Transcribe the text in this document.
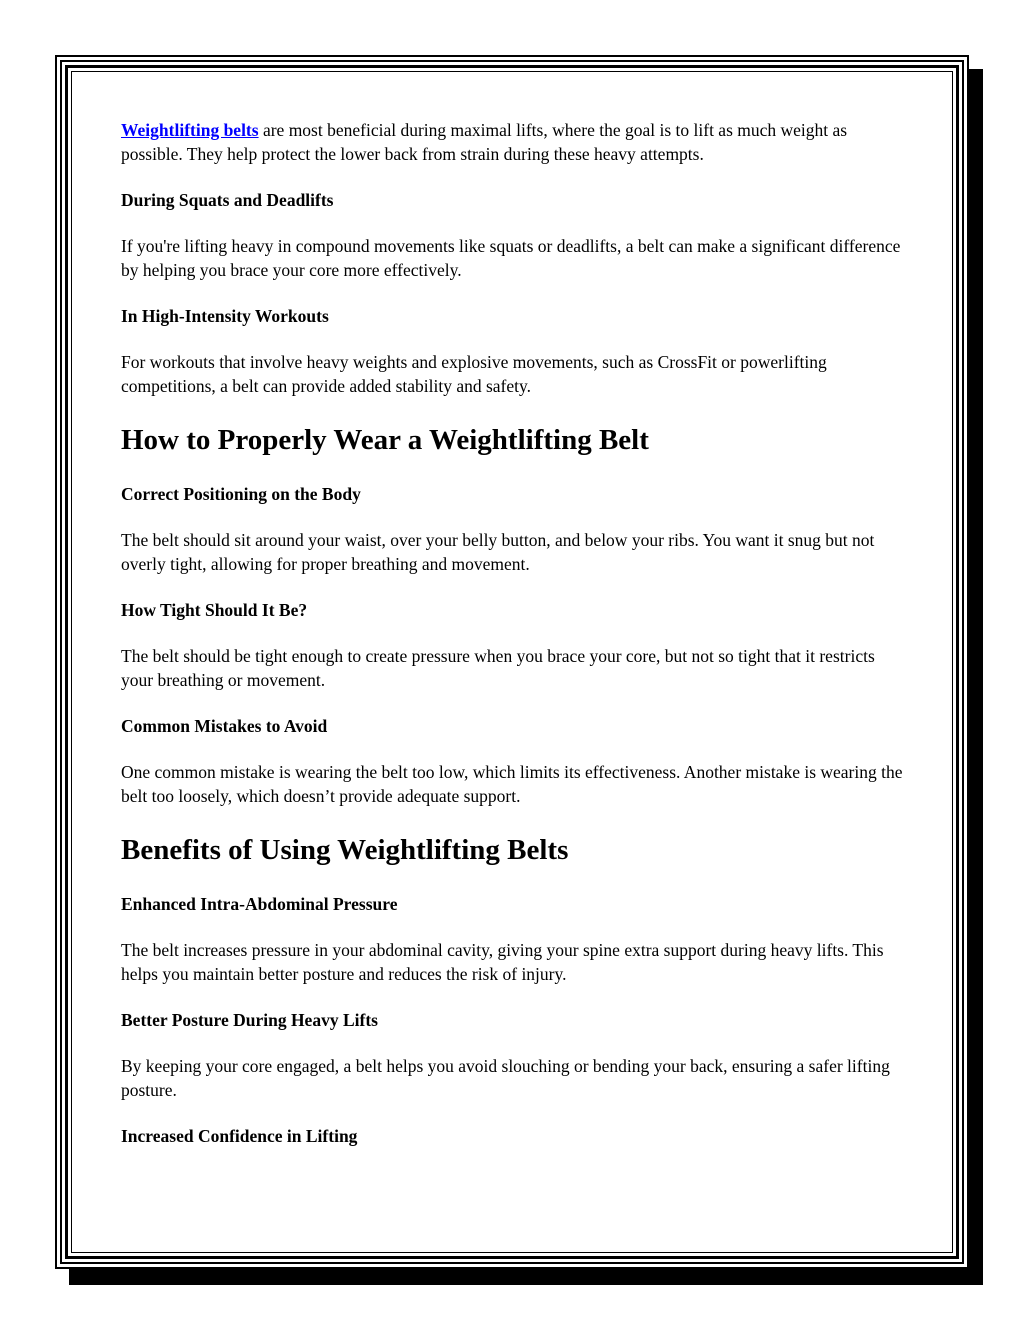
Weightlifting belts are most beneficial during maximal lifts, where the goal is to lift as much weight as possible. They help protect the lower back from strain during these heavy attempts.

During Squats and Deadlifts

If you're lifting heavy in compound movements like squats or deadlifts, a belt can make a significant difference by helping you brace your core more effectively.

In High-Intensity Workouts

For workouts that involve heavy weights and explosive movements, such as CrossFit or powerlifting competitions, a belt can provide added stability and safety.

How to Properly Wear a Weightlifting Belt

Correct Positioning on the Body

The belt should sit around your waist, over your belly button, and below your ribs. You want it snug but not overly tight, allowing for proper breathing and movement.

How Tight Should It Be?

The belt should be tight enough to create pressure when you brace your core, but not so tight that it restricts your breathing or movement.

Common Mistakes to Avoid

One common mistake is wearing the belt too low, which limits its effectiveness. Another mistake is wearing the belt too loosely, which doesn’t provide adequate support.

Benefits of Using Weightlifting Belts

Enhanced Intra-Abdominal Pressure

The belt increases pressure in your abdominal cavity, giving your spine extra support during heavy lifts. This helps you maintain better posture and reduces the risk of injury.

Better Posture During Heavy Lifts

By keeping your core engaged, a belt helps you avoid slouching or bending your back, ensuring a safer lifting posture.

Increased Confidence in Lifting
